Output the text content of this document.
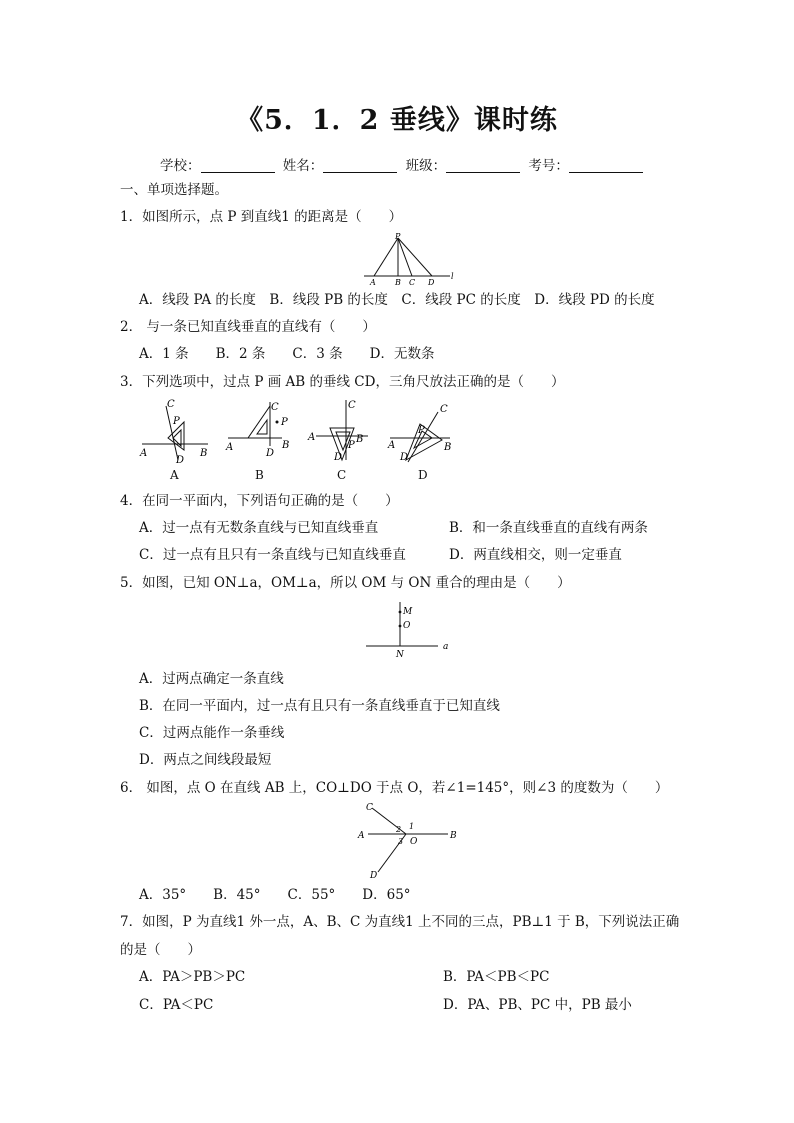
《5．1．2 垂线》课时练
学校：	姓名：	班级：	考号：
一、单项选择题。
1．如图所示，点 P 到直线1 的距离是（　　）
P
A B C D
l
A．线段 PA 的长度　B．线段 PB 的长度　C．线段 PC 的长度　D．线段 PD 的长度
2． 与一条已知直线垂直的直线有（　　）
A．1 条　　B．2 条　　C．3 条　　D．无数条
3．下列选项中，过点 P 画 AB 的垂线 CD，三角尺放法正确的是（　　）
C
P
A	B
D
C
P
A	B
D
C
P
A	B
D
C
P
A	B
D
A	B	C	D
4．在同一平面内，下列语句正确的是（　　）
A．过一点有无数条直线与已知直线垂直	B．和一条直线垂直的直线有两条
C．过一点有且只有一条直线与已知直线垂直	D．两直线相交，则一定垂直
5．如图，已知 ON⊥a，OM⊥a，所以 OM 与 ON 重合的理由是（　　）
M
O
N
a
A．过两点确定一条直线
B．在同一平面内，过一点有且只有一条直线垂直于已知直线
C．过两点能作一条垂线
D．两点之间线段最短
6． 如图，点 O 在直线 AB 上，CO⊥DO 于点 O，若∠1=145°，则∠3 的度数为（　　）
C
A
2 1
3 O
B
D
A．35°　　B．45°　　C．55°　　D．65°
7．如图，P 为直线1 外一点，A、B、C 为直线1 上不同的三点，PB⊥1 于 B，下列说法正确
的是（　　）
A．PA＞PB＞PC	B．PA＜PB＜PC
C．PA＜PC	D．PA、PB、PC 中，PB 最小
